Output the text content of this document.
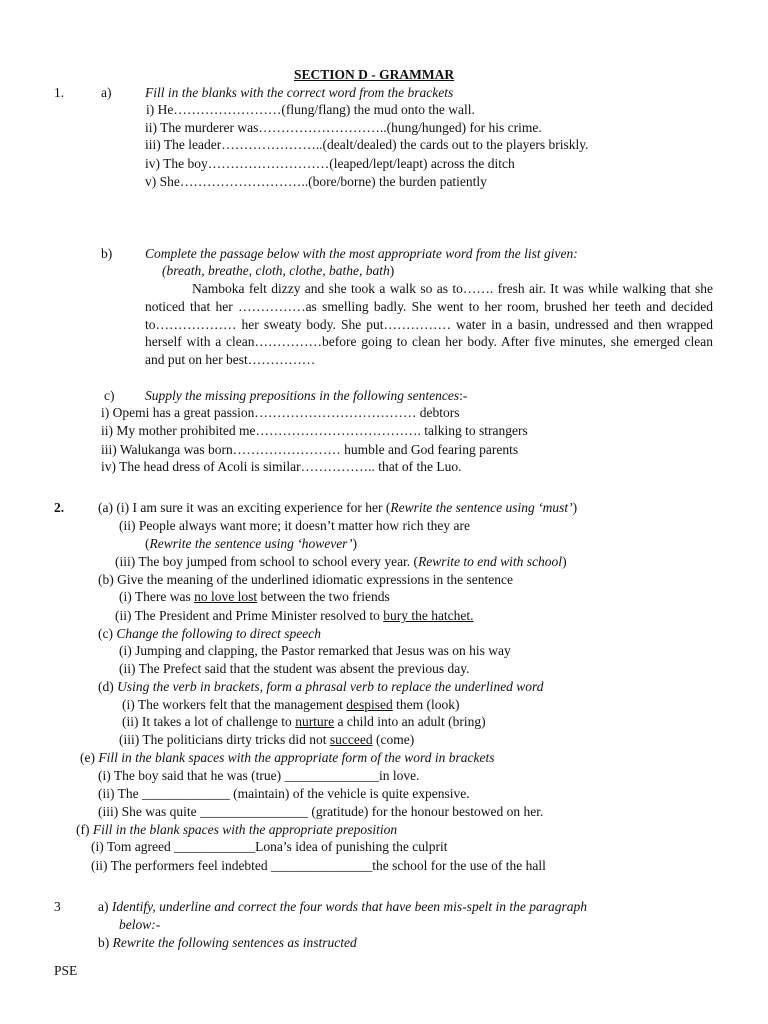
SECTION D - GRAMMAR
1.	a) Fill in the blanks with the correct word from the brackets
i) He……………………(flung/flang) the mud onto the wall.
ii) The murderer was………………………..(hung/hunged) for his crime.
iii) The leader…………………..(dealt/dealed) the cards out to the players briskly.
iv) The boy………………………(leaped/lept/leapt) across the ditch
v) She………………………..(bore/borne) the burden patiently
b) Complete the passage below with the most appropriate word from the list given:
(breath, breathe, cloth, clothe, bathe, bath)
Namboka felt dizzy and she took a walk so as to……. fresh air. It was while walking that she noticed that her ……………as smelling badly. She went to her room, brushed her teeth and decided to……………… her sweaty body. She put…………… water in a basin, undressed and then wrapped herself with a clean……………before going to clean her body. After five minutes, she emerged clean and put on her best……………
c) Supply the missing prepositions in the following sentences:-
i) Opemi has a great passion……………………………… debtors
ii) My mother prohibited me………………………………. talking to strangers
iii) Walukanga was born…………………… humble and God fearing parents
iv) The head dress of Acoli is similar…………….. that of the Luo.
2.	(a) (i) I am sure it was an exciting experience for her (Rewrite the sentence using ‘must’)
(ii) People always want more; it doesn’t matter how rich they are
(Rewrite the sentence using ‘however’)
(iii) The boy jumped from school to school every year. (Rewrite to end with school)
(b) Give the meaning of the underlined idiomatic expressions in the sentence
(i) There was no love lost between the two friends
(ii) The President and Prime Minister resolved to bury the hatchet.
(c) Change the following to direct speech
(i) Jumping and clapping, the Pastor remarked that Jesus was on his way
(ii) The Prefect said that the student was absent the previous day.
(d) Using the verb in brackets, form a phrasal verb to replace the underlined word
(i) The workers felt that the management despised them (look)
(ii) It takes a lot of challenge to nurture a child into an adult (bring)
(iii) The politicians dirty tricks did not succeed (come)
(e) Fill in the blank spaces with the appropriate form of the word in brackets
(i) The boy said that he was (true) ______________in love.
(ii) The _____________ (maintain) of the vehicle is quite expensive.
(iii) She was quite ________________ (gratitude) for the honour bestowed on her.
(f) Fill in the blank spaces with the appropriate preposition
(i) Tom agreed ____________Lona’s idea of punishing the culprit
(ii) The performers feel indebted _______________the school for the use of the hall
3	a) Identify, underline and correct the four words that have been mis-spelt in the paragraph
below:-
b) Rewrite the following sentences as instructed
PSE
